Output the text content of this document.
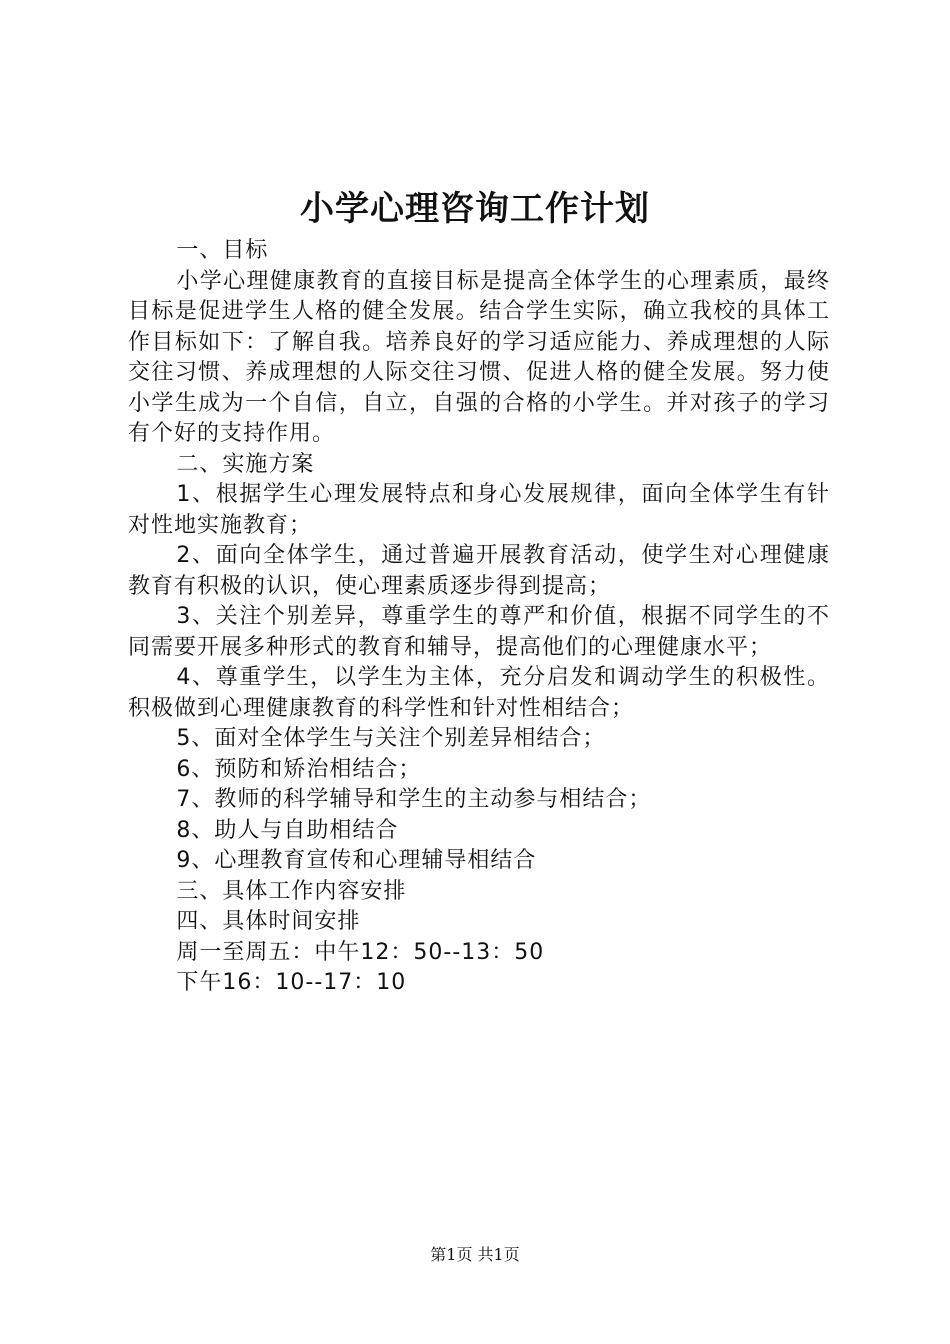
小学心理咨询工作计划

一、目标

小学心理健康教育的直接目标是提高全体学生的心理素质，最终目标是促进学生人格的健全发展。结合学生实际，确立我校的具体工作目标如下：了解自我。培养良好的学习适应能力、养成理想的人际交往习惯、养成理想的人际交往习惯、促进人格的健全发展。努力使小学生成为一个自信，自立，自强的合格的小学生。并对孩子的学习有个好的支持作用。

二、实施方案

1、根据学生心理发展特点和身心发展规律，面向全体学生有针对性地实施教育；

2、面向全体学生，通过普遍开展教育活动，使学生对心理健康教育有积极的认识，使心理素质逐步得到提高；

3、关注个别差异，尊重学生的尊严和价值，根据不同学生的不同需要开展多种形式的教育和辅导，提高他们的心理健康水平；

4、尊重学生，以学生为主体，充分启发和调动学生的积极性。积极做到心理健康教育的科学性和针对性相结合；

5、面对全体学生与关注个别差异相结合；

6、预防和矫治相结合；

7、教师的科学辅导和学生的主动参与相结合；

8、助人与自助相结合

9、心理教育宣传和心理辅导相结合

三、具体工作内容安排

四、具体时间安排

周一至周五：中午12：50--13：50

下午16：10--17：10

第1页 共1页
